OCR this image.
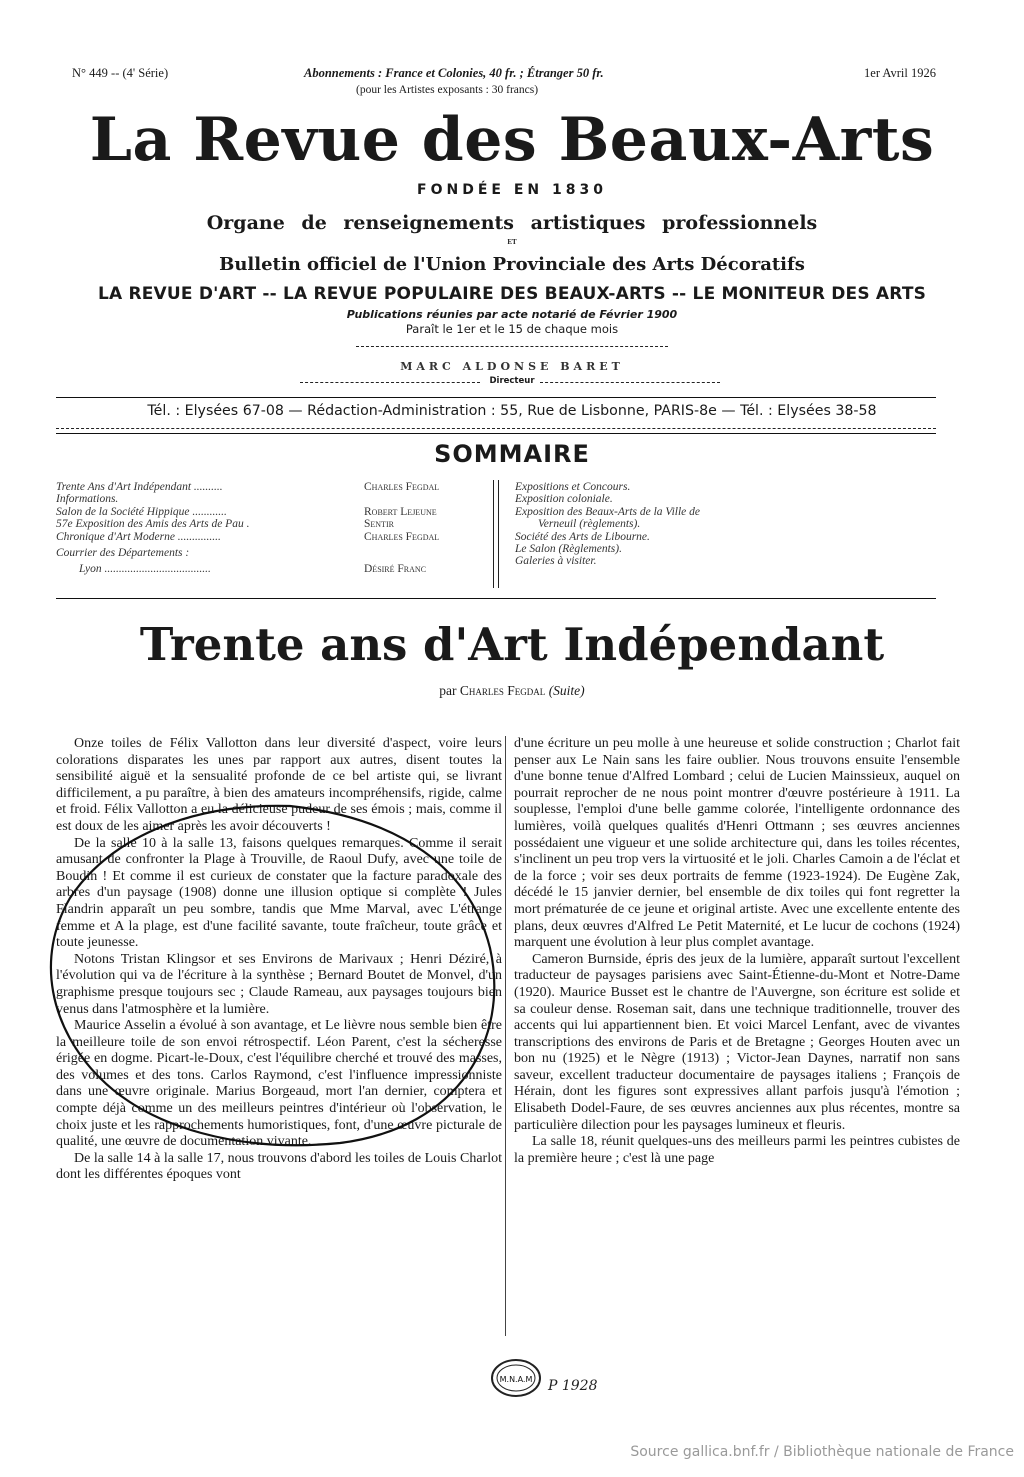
N° 449 -- (4' Série)	Abonnements : France et Colonies, 40 fr. ; Étranger 50 fr.	1er Avril 1926
(pour les Artistes exposants : 30 francs)
La Revue des Beaux-Arts
FONDÉE EN 1830
Organe de renseignements artistiques professionnels
ET
Bulletin officiel de l'Union Provinciale des Arts Décoratifs
LA REVUE D'ART -- LA REVUE POPULAIRE DES BEAUX-ARTS -- LE MONITEUR DES ARTS
Publications réunies par acte notarié de Février 1900
Paraît le 1er et le 15 de chaque mois
MARC ALDONSE BARET
Directeur
Tél. : Elysées 67-08 — Rédaction-Administration : 55, Rue de Lisbonne, PARIS-8e — Tél. : Elysées 38-58
SOMMAIRE
Trente Ans d'Art Indépendant ..........	Charles Fegdal
Informations.
Salon de la Société Hippique ............	Robert Lejeune
57e Exposition des Amis des Arts de Pau .	Sentir
Chronique d'Art Moderne ...............	Charles Fegdal
Courrier des Départements :
Lyon .....................................	Désiré Franc
Expositions et Concours.
Exposition coloniale.
Exposition des Beaux-Arts de la Ville de
Verneuil (règlements).
Société des Arts de Libourne.
Le Salon (Règlements).
Galeries à visiter.
Trente ans d'Art Indépendant
par Charles Fegdal (Suite)

Onze toiles de Félix Vallotton dans leur diversité d'aspect, voire leurs colorations disparates les unes par rapport aux autres, disent toutes la sensibilité aiguë et la sensualité profonde de ce bel artiste qui, se livrant difficilement, a pu paraître, à bien des amateurs incompréhensifs, rigide, calme et froid. Félix Vallotton a eu la délicieuse pudeur de ses émois ; mais, comme il est doux de les aimer après les avoir découverts !

De la salle 10 à la salle 13, faisons quelques remarques. Comme il serait amusant de confronter la Plage à Trouville, de Raoul Dufy, avec une toile de Boudin ! Et comme il est curieux de constater que la facture paradoxale des arbres d'un paysage (1908) donne une illusion optique si complète ! Jules Flandrin apparaît un peu sombre, tandis que Mme Marval, avec L'étrange femme et A la plage, est d'une facilité savante, toute fraîcheur, toute grâce et toute jeunesse.

Notons Tristan Klingsor et ses Environs de Marivaux ; Henri Déziré, à l'évolution qui va de l'écriture à la synthèse ; Bernard Boutet de Monvel, d'un graphisme presque toujours sec ; Claude Rameau, aux paysages toujours bien venus dans l'atmosphère et la lumière.

Maurice Asselin a évolué à son avantage, et Le lièvre nous semble bien être la meilleure toile de son envoi rétrospectif. Léon Parent, c'est la sécheresse érigée en dogme. Picart-le-Doux, c'est l'équilibre cherché et trouvé des masses, des volumes et des tons. Carlos Raymond, c'est l'influence impressionniste dans une œuvre originale. Marius Borgeaud, mort l'an dernier, comptera et compte déjà comme un des meilleurs peintres d'intérieur où l'observation, le choix juste et les rapprochements humoristiques, font, d'une œuvre picturale de qualité, une œuvre de documentation vivante.

De la salle 14 à la salle 17, nous trouvons d'abord les toiles de Louis Charlot dont les différentes époques vont

d'une écriture un peu molle à une heureuse et solide construction ; Charlot fait penser aux Le Nain sans les faire oublier. Nous trouvons ensuite l'ensemble d'une bonne tenue d'Alfred Lombard ; celui de Lucien Mainssieux, auquel on pourrait reprocher de ne nous point montrer d'œuvre postérieure à 1911. La souplesse, l'emploi d'une belle gamme colorée, l'intelligente ordonnance des lumières, voilà quelques qualités d'Henri Ottmann ; ses œuvres anciennes possédaient une vigueur et une solide architecture qui, dans les toiles récentes, s'inclinent un peu trop vers la virtuosité et le joli. Charles Camoin a de l'éclat et de la force ; voir ses deux portraits de femme (1923-1924). De Eugène Zak, décédé le 15 janvier dernier, bel ensemble de dix toiles qui font regretter la mort prématurée de ce jeune et original artiste. Avec une excellente entente des plans, deux œuvres d'Alfred Le Petit Maternité, et Le lucur de cochons (1924) marquent une évolution à leur plus complet avantage.

Cameron Burnside, épris des jeux de la lumière, apparaît surtout l'excellent traducteur de paysages parisiens avec Saint-Étienne-du-Mont et Notre-Dame (1920). Maurice Busset est le chantre de l'Auvergne, son écriture est solide et sa couleur dense. Roseman sait, dans une technique traditionnelle, trouver des accents qui lui appartiennent bien. Et voici Marcel Lenfant, avec de vivantes transcriptions des environs de Paris et de Bretagne ; Georges Houten avec un bon nu (1925) et le Nègre (1913) ; Victor-Jean Daynes, narratif non sans saveur, excellent traducteur documentaire de paysages italiens ; François de Hérain, dont les figures sont expressives allant parfois jusqu'à l'émotion ; Elisabeth Dodel-Faure, de ses œuvres anciennes aux plus récentes, montre sa particulière dilection pour les paysages lumineux et fleuris.

La salle 18, réunit quelques-uns des meilleurs parmi les peintres cubistes de la première heure ; c'est là une page

M.N.A.M P 1928
Source gallica.bnf.fr / Bibliothèque nationale de France
